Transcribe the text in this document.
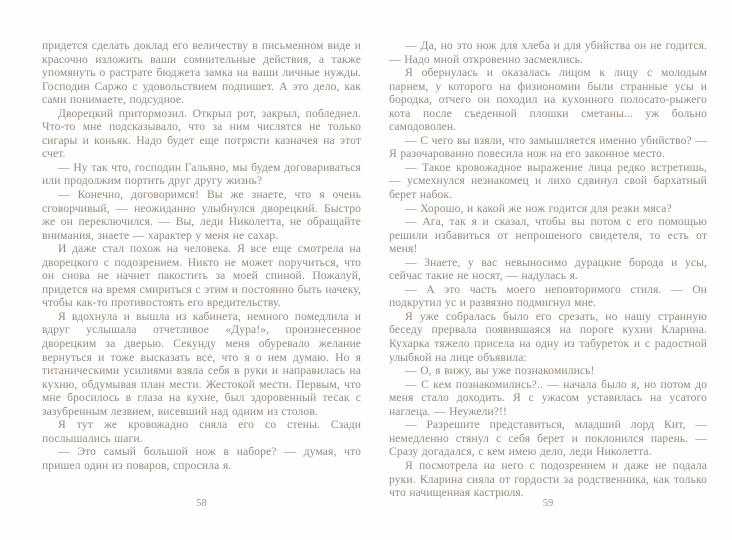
придется сделать доклад его величеству в письменном виде и красочно изложить ваши сомнительные действия, а также упомянуть о растрате бюджета замка на ваши личные нужды. Господин Саржо с удовольствием подпишет. А это дело, как сами понимаете, подсудное.

Дворецкий притормозил. Открыл рот, закрыл, побледнел. Что-то мне подсказывало, что за ним числятся не только сигары и коньяк. Надо будет еще потрясти казначея на этот счет.

— Ну так что, господин Гальяно, мы будем договариваться или продолжим портить друг другу жизнь?

— Конечно, договоримся! Вы же знаете, что я очень сговорчивый, — неожиданно улыбнулся дворецкий. Быстро же он переключился. — Вы, леди Николетта, не обращайте внимания, знаете — характер у меня не сахар.

И даже стал похож на человека. Я все еще смотрела на дворецкого с подозрением. Никто не может поручиться, что он снова не начнет пакостить за моей спиной. Пожалуй, придется на время смириться с этим и постоянно быть начеку, чтобы как-то противостоять его вредительству.

Я вдохнула и вышла из кабинета, немного помедлила и вдруг услышала отчетливое «Дура!», произнесенное дворецким за дверью. Секунду меня обуревало желание вернуться и тоже высказать все, что я о нем думаю. Но я титаническими усилиями взяла себя в руки и направилась на кухню, обдумывая план мести. Жестокой мести. Первым, что мне бросилось в глаза на кухне, был здоровенный тесак с зазубренным лезвием, висевший над одним из столов.

Я тут же кровожадно сняла его со стены. Сзади послышались шаги.

— Это самый большой нож в наборе? — думая, что пришел один из поваров, спросила я.

— Да, но это нож для хлеба и для убийства он не годится. — Надо мной откровенно засмеялись.

Я обернулась и оказалась лицом к лицу с молодым парнем, у которого на физиономии были странные усы и бородка, отчего он походил на кухонного полосато-рыжего кота после съеденной плошки сметаны... уж больно самодоволен.

— С чего вы взяли, что замышляется именно убийство? — Я разочарованно повесила нож на его законное место.

— Такое кровожадное выражение лица редко встретишь, — усмехнулся незнакомец и лихо сдвинул свой бархатный берет набок.

— Хорошо, и какой же нож годится для резки мяса?

— Ага, так я и сказал, чтобы вы потом с его помощью решили избавиться от непрошеного свидетеля, то есть от меня!

— Знаете, у вас невыносимо дурацкие борода и усы, сейчас такие не носят, — надулась я.

— А это часть моего неповторимого стиля. — Он подкрутил ус и развязно подмигнул мне.

Я уже собралась было его срезать, но нашу странную беседу прервала появившаяся на пороге кухни Кларина. Кухарка тяжело присела на одну из табуреток и с радостной улыбкой на лице объявила:

— О, я вижу, вы уже познакомились!

— С кем познакомились?.. — начала было я, но потом до меня стало доходить. Я с ужасом уставилась на усатого наглеца. — Неужели?!!

— Разрешите представиться, младший лорд Кит, — немедленно стянул с себя берет и поклонился парень. — Сразу догадался, с кем имею дело, леди Николетта.

Я посмотрела на него с подозрением и даже не подала руки. Кларина сияла от гордости за родственника, как только что начищенная кастрюля.

58	59
